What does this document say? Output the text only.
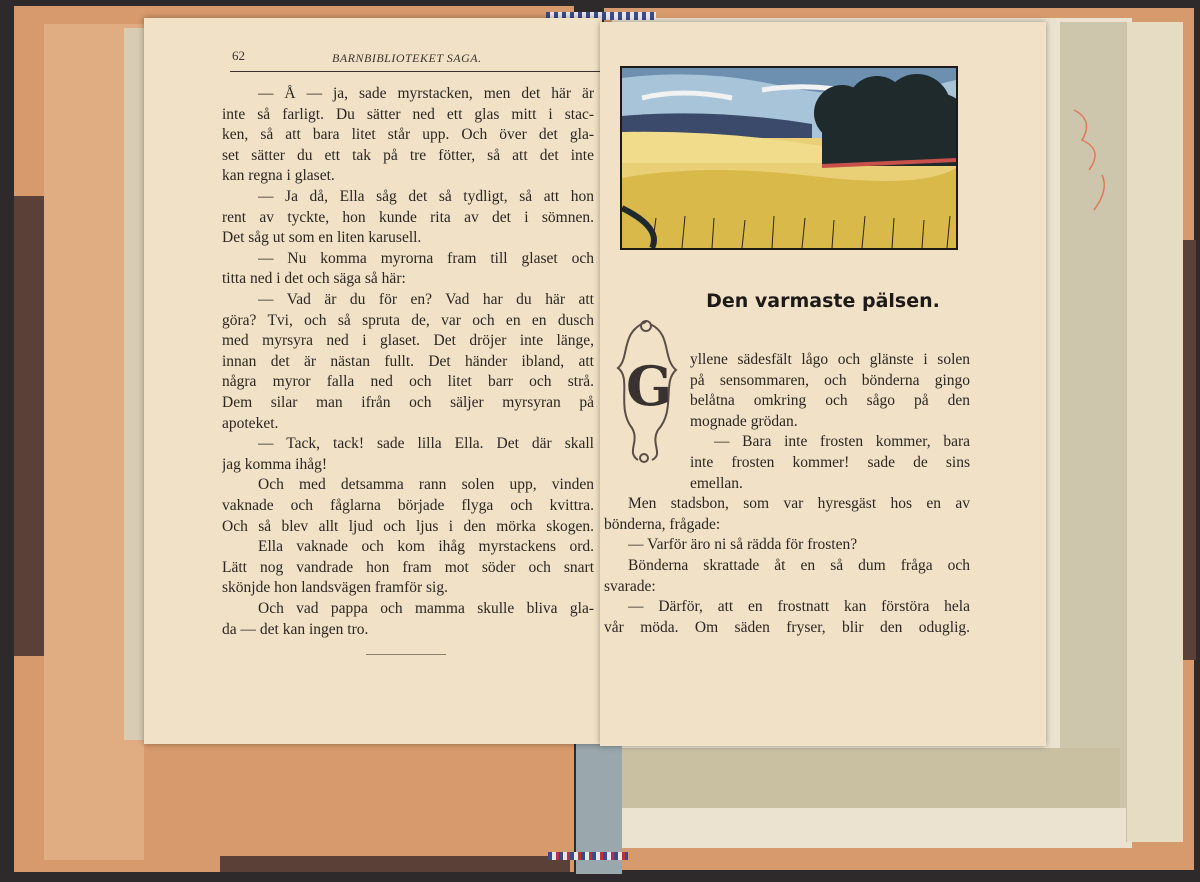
62	BARNBIBLIOTEKET SAGA.
— Å — ja, sade myrstacken, men det här är
inte så farligt. Du sätter ned ett glas mitt i stac-
ken, så att bara litet står upp. Och över det gla-
set sätter du ett tak på tre fötter, så att det inte
kan regna i glaset.
— Ja då, Ella såg det så tydligt, så att hon
rent av tyckte, hon kunde rita av det i sömnen.
Det såg ut som en liten karusell.
— Nu komma myrorna fram till glaset och
titta ned i det och säga så här:
— Vad är du för en? Vad har du här att
göra? Tvi, och så spruta de, var och en en dusch
med myrsyra ned i glaset. Det dröjer inte länge,
innan det är nästan fullt. Det händer ibland, att
några myror falla ned och litet barr och strå.
Dem silar man ifrån och säljer myrsyran på
apoteket.
— Tack, tack! sade lilla Ella. Det där skall
jag komma ihåg!
Och med detsamma rann solen upp, vinden
vaknade och fåglarna började flyga och kvittra.
Och så blev allt ljud och ljus i den mörka skogen.
Ella vaknade och kom ihåg myrstackens ord.
Lätt nog vandrade hon fram mot söder och snart
skönjde hon landsvägen framför sig.
Och vad pappa och mamma skulle bliva gla-
da — det kan ingen tro.
Den varmaste pälsen.
G yllene sädesfält lågo och glänste i solen
på sensommaren, och bönderna gingo
belåtna omkring och sågo på den
mognade grödan.
— Bara inte frosten kommer, bara
inte frosten kommer! sade de sins
emellan.
Men stadsbon, som var hyresgäst hos en av
bönderna, frågade:
— Varför äro ni så rädda för frosten?
Bönderna skrattade åt en så dum fråga och
svarade:
— Därför, att en frostnatt kan förstöra hela
vår möda. Om säden fryser, blir den oduglig.
